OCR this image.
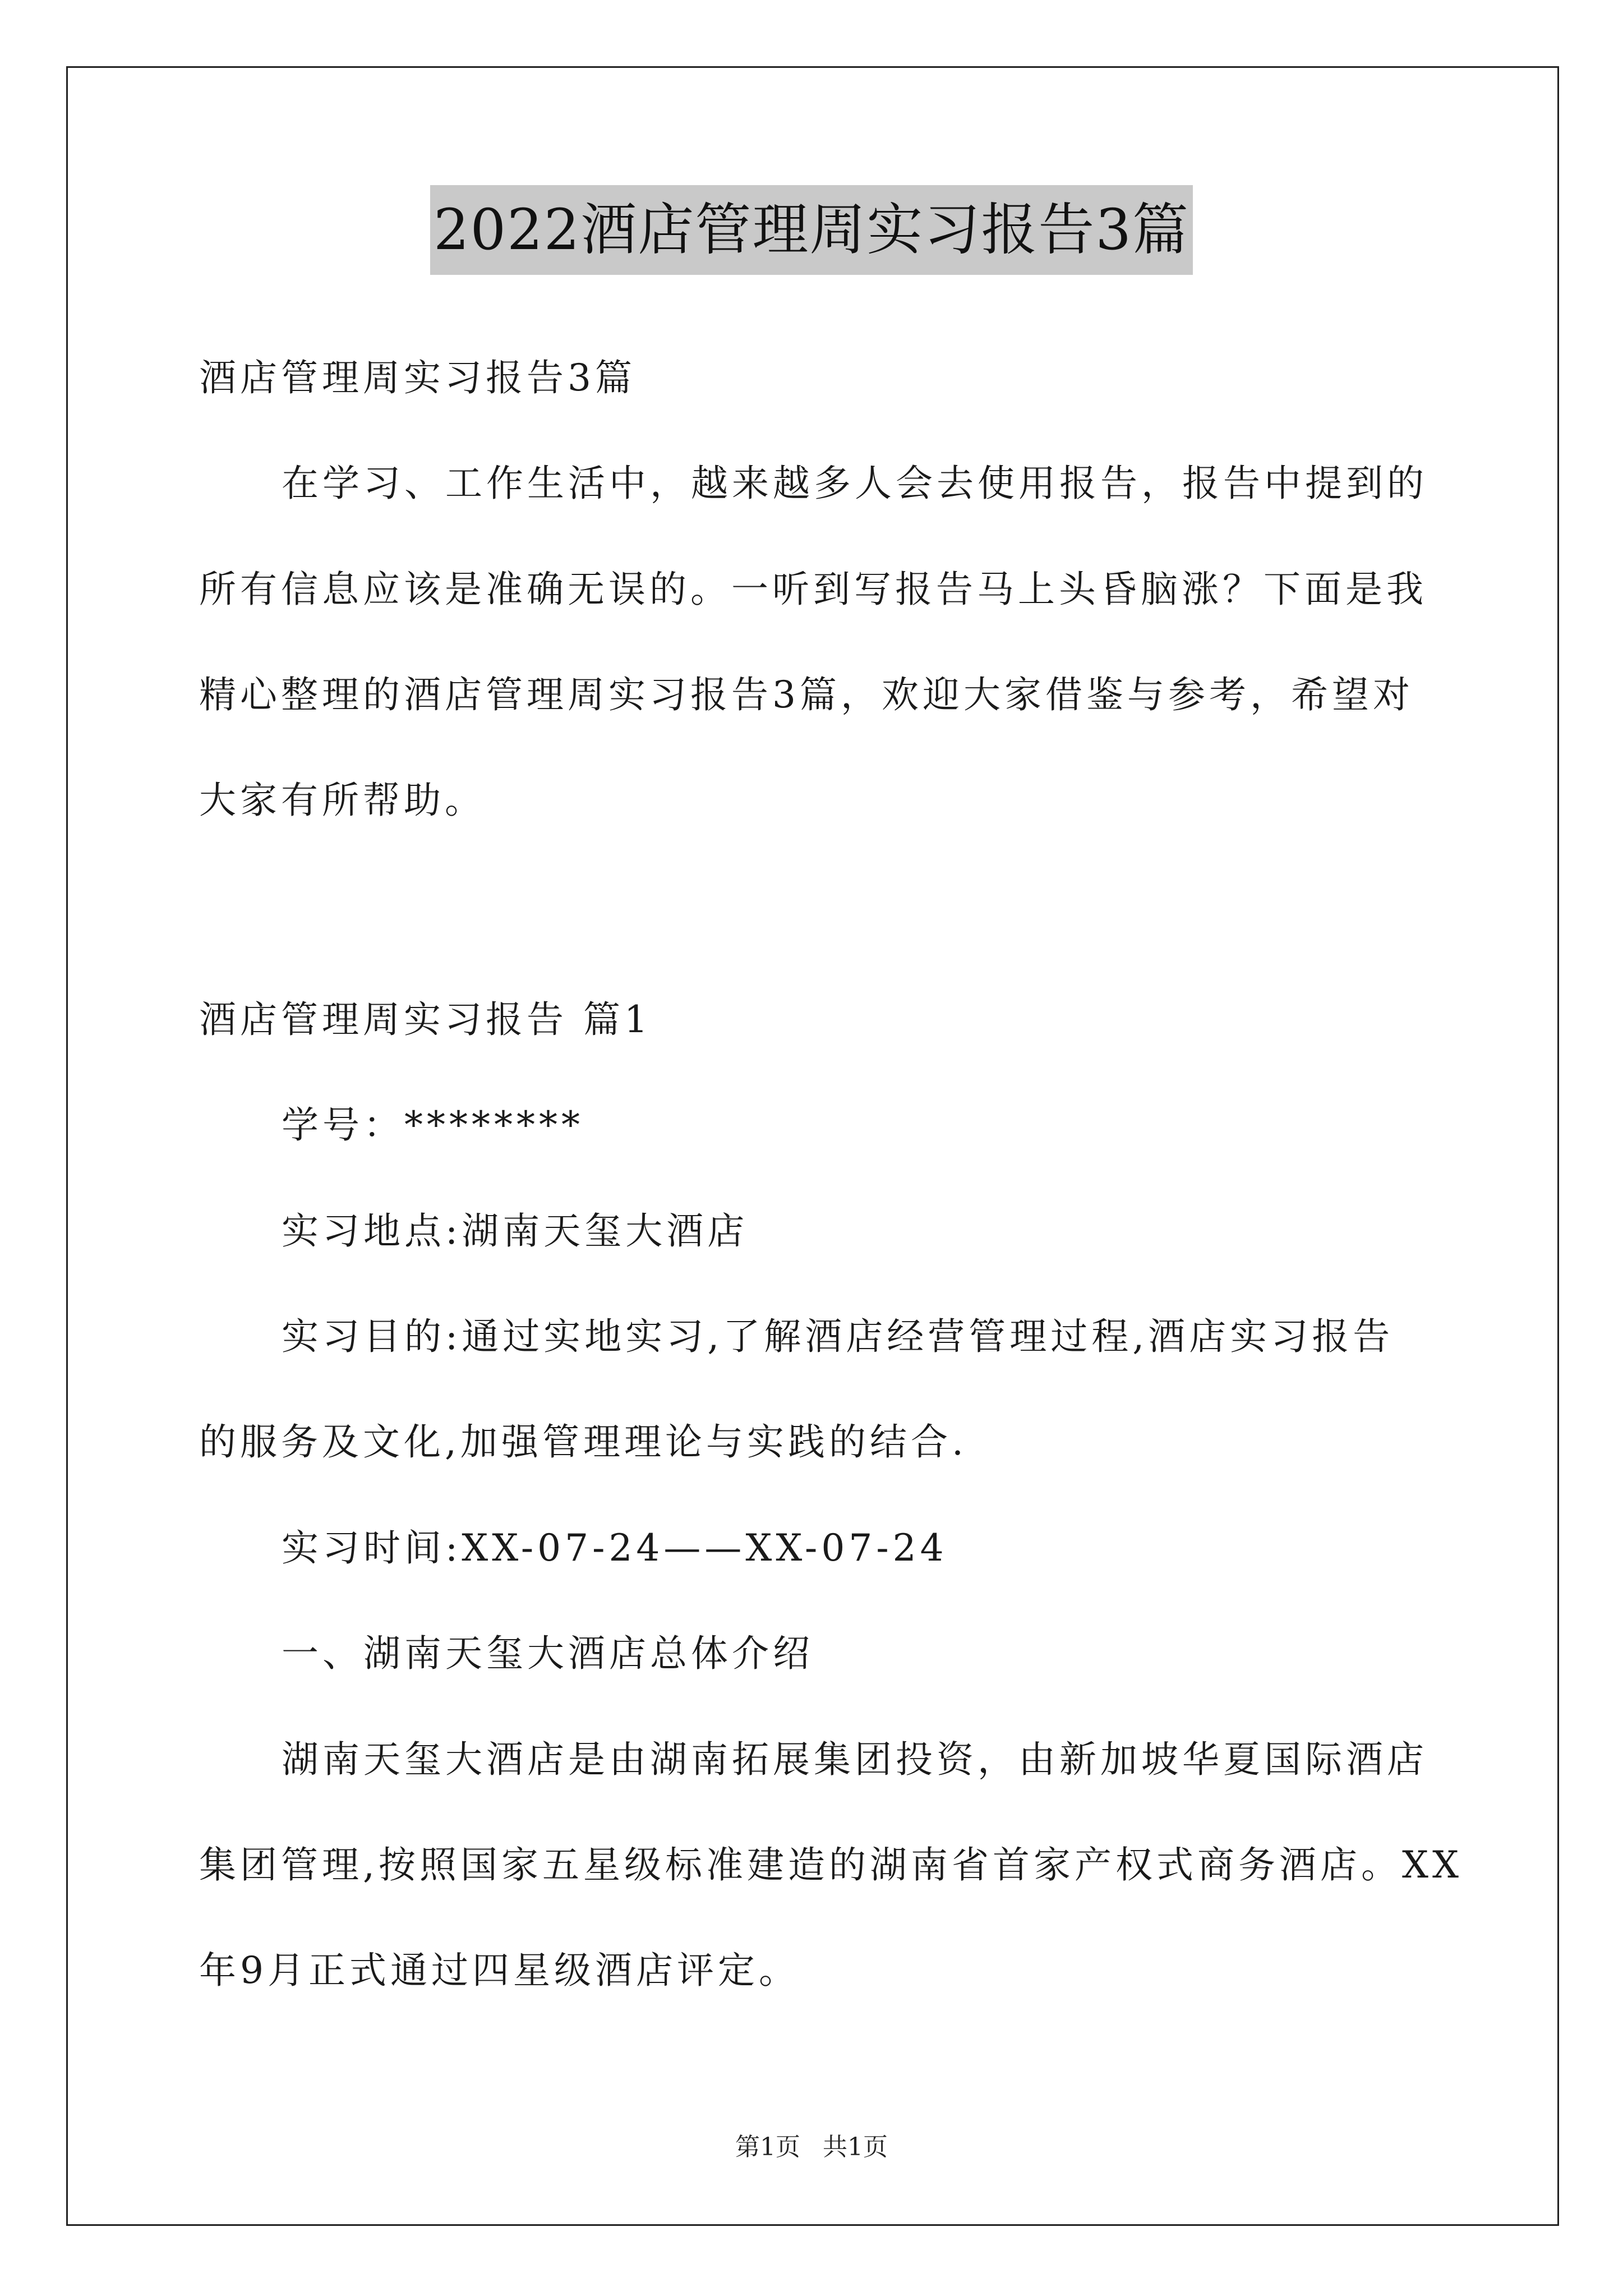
2022酒店管理周实习报告3篇
酒店管理周实习报告3篇
在学习、工作生活中，越来越多人会去使用报告，报告中提到的
所有信息应该是准确无误的。一听到写报告马上头昏脑涨？下面是我
精心整理的酒店管理周实习报告3篇，欢迎大家借鉴与参考，希望对
大家有所帮助。
酒店管理周实习报告 篇1
学号：********
实习地点:湖南天玺大酒店
实习目的:通过实地实习,了解酒店经营管理过程,酒店实习报告
的服务及文化,加强管理理论与实践的结合.
实习时间:XX-07-24——XX-07-24
一、湖南天玺大酒店总体介绍
湖南天玺大酒店是由湖南拓展集团投资，由新加坡华夏国际酒店
集团管理,按照国家五星级标准建造的湖南省首家产权式商务酒店。XX
年9月正式通过四星级酒店评定。
第1页 共1页
